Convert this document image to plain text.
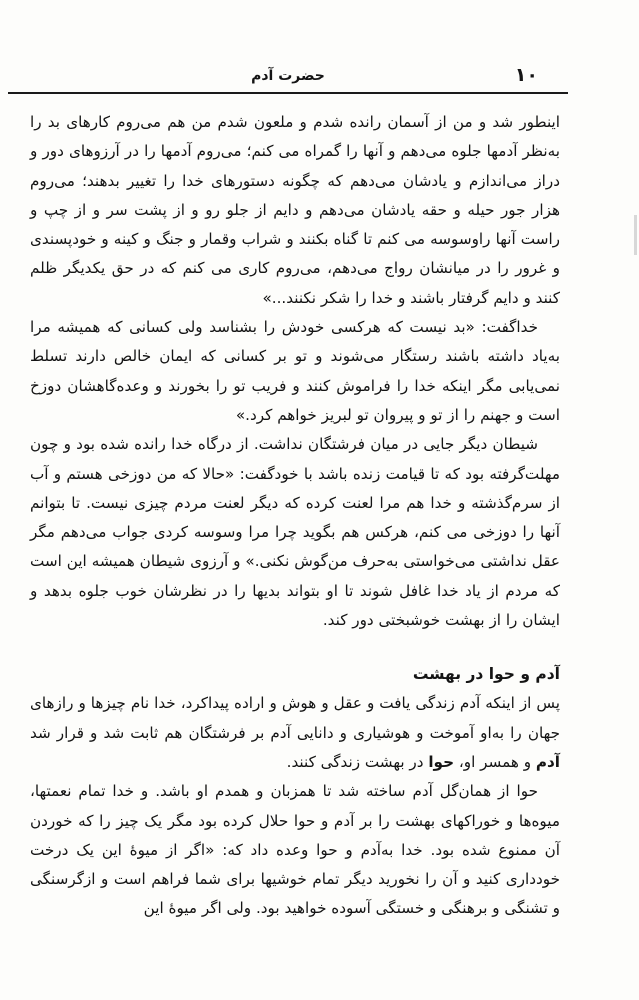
۱۰
حضرت آدم

اینطور شد و من از آسمان رانده شدم و ملعون شدم من هم می‌روم کارهای بد را به‌نظر آدمها جلوه می‌دهم و آنها را گمراه می کنم؛ می‌روم آدمها را در آرزوهای دور و دراز می‌اندازم و یادشان می‌دهم که چگونه دستورهای خدا را تغییر بدهند؛ می‌روم هزار جور حیله و حقه یادشان می‌دهم و دایم از جلو رو و از پشت سر و از چپ و راست آنها راوسوسه می کنم تا گناه بکنند و شراب وقمار و جنگ و کینه و خودپسندی و غرور را در میانشان رواج می‌دهم، می‌روم کاری می کنم که در حق یکدیگر ظلم کنند و دایم گرفتار باشند و خدا را شکر نکنند...»

خداگفت: «بد نیست که هرکسی خودش را بشناسد ولی کسانی که همیشه مرا به‌یاد داشته باشند رستگار می‌شوند و تو بر کسانی که ایمان خالص دارند تسلط نمی‌یابی مگر اینکه خدا را فراموش کنند و فریب تو را بخورند و وعده‌گاهشان دوزخ است و جهنم را از تو و پیروان تو لبریز خواهم کرد.»

شیطان دیگر جایی در میان فرشتگان نداشت. از درگاه خدا رانده شده بود و چون مهلت‌گرفته بود که تا قیامت زنده باشد با خودگفت: «حالا که من دوزخی هستم و آب از سرم‌گذشته و خدا هم مرا لعنت کرده که دیگر لعنت مردم چیزی نیست. تا بتوانم آنها را دوزخی می کنم، هرکس هم بگوید چرا مرا وسوسه کردی جواب می‌دهم مگر عقل نداشتی می‌خواستی به‌حرف من‌گوش نکنی.» و آرزوی شیطان همیشه این است که مردم از یاد خدا غافل شوند تا او بتواند بدیها را در نظرشان خوب جلوه بدهد و ایشان را از بهشت خوشبختی دور کند.

آدم و حوا در بهشت

پس از اینکه آدم زندگی یافت و عقل و هوش و اراده پیداکرد، خدا نام چیزها و رازهای جهان را به‌او آموخت و هوشیاری و دانایی آدم بر فرشتگان هم ثابت شد و قرار شد آدم و همسر او، حوا در بهشت زندگی کنند.

حوا از همان‌گل آدم ساخته شد تا همزبان و همدم او باشد. و خدا تمام نعمتها، میوه‌ها و خوراکهای بهشت را بر آدم و حوا حلال کرده بود مگر یک چیز را که خوردن آن ممنوع شده بود. خدا به‌آدم و حوا وعده داد که: «اگر از میوهٔ این یک درخت خودداری کنید و آن را نخورید دیگر تمام خوشیها برای شما فراهم است و از‌گرسنگی و تشنگی و برهنگی و خستگی آسوده خواهید بود. ولی اگر میوهٔ این
